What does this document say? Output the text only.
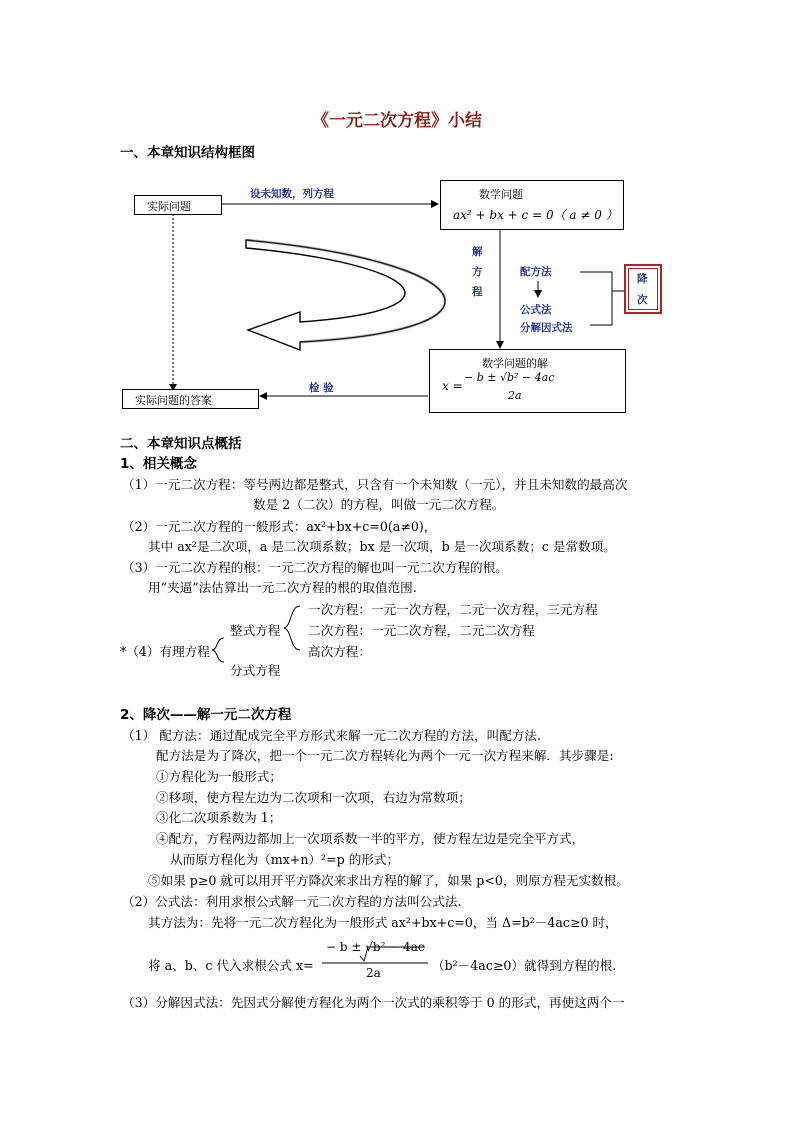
《一元二次方程》小结
一、本章知识结构框图
实际问题
设未知数，列方程	数学问题
ax² + bx + c = 0（ a ≠ 0 ）
解
方
程
配方法
公式法
分解因式法
降
次
数学问题的解
x =
− b ± √b² − 4ac
2a
检 验
实际问题的答案
二、本章知识点概括
1、相关概念
（1）一元二次方程：等号两边都是整式，只含有一个未知数（一元），并且未知数的最高次
数是 2（二次）的方程，叫做一元二次方程。
（2）一元二次方程的一般形式：ax²+bx+c=0(a≠0)，
其中 ax²是二次项，a 是二次项系数；bx 是一次项，b 是一次项系数；c 是常数项。
（3）一元二次方程的根：一元二次方程的解也叫一元二次方程的根。
用“夹逼”法估算出一元二次方程的根的取值范围.
*（4）有理方程
整式方程
分式方程
一次方程：一元一次方程，二元一次方程，三元方程
二次方程：一元二次方程，二元二次方程
高次方程：
2、降次——解一元二次方程
（1） 配方法：通过配成完全平方形式来解一元二次方程的方法，叫配方法.
配方法是为了降次，把一个一元二次方程转化为两个一元一次方程来解．其步骤是:
①方程化为一般形式；
②移项，使方程左边为二次项和一次项，右边为常数项；
③化二次项系数为 1；
④配方，方程两边都加上一次项系数一半的平方，使方程左边是完全平方式，
从而原方程化为（mx+n）²=p 的形式；
⑤如果 p≥0 就可以用开平方降次来求出方程的解了，如果 p<0，则原方程无实数根。
（2）公式法：利用求根公式解一元二次方程的方法叫公式法.
其方法为：先将一元二次方程化为一般形式 ax²+bx+c=0，当 Δ=b²－4ac≥0 时，
将 a、b、c 代入求根公式 x=
− b ± √b² − 4ac
2a	（b²－4ac≥0）就得到方程的根.
（3）分解因式法：先因式分解使方程化为两个一次式的乘积等于 0 的形式，再使这两个一
